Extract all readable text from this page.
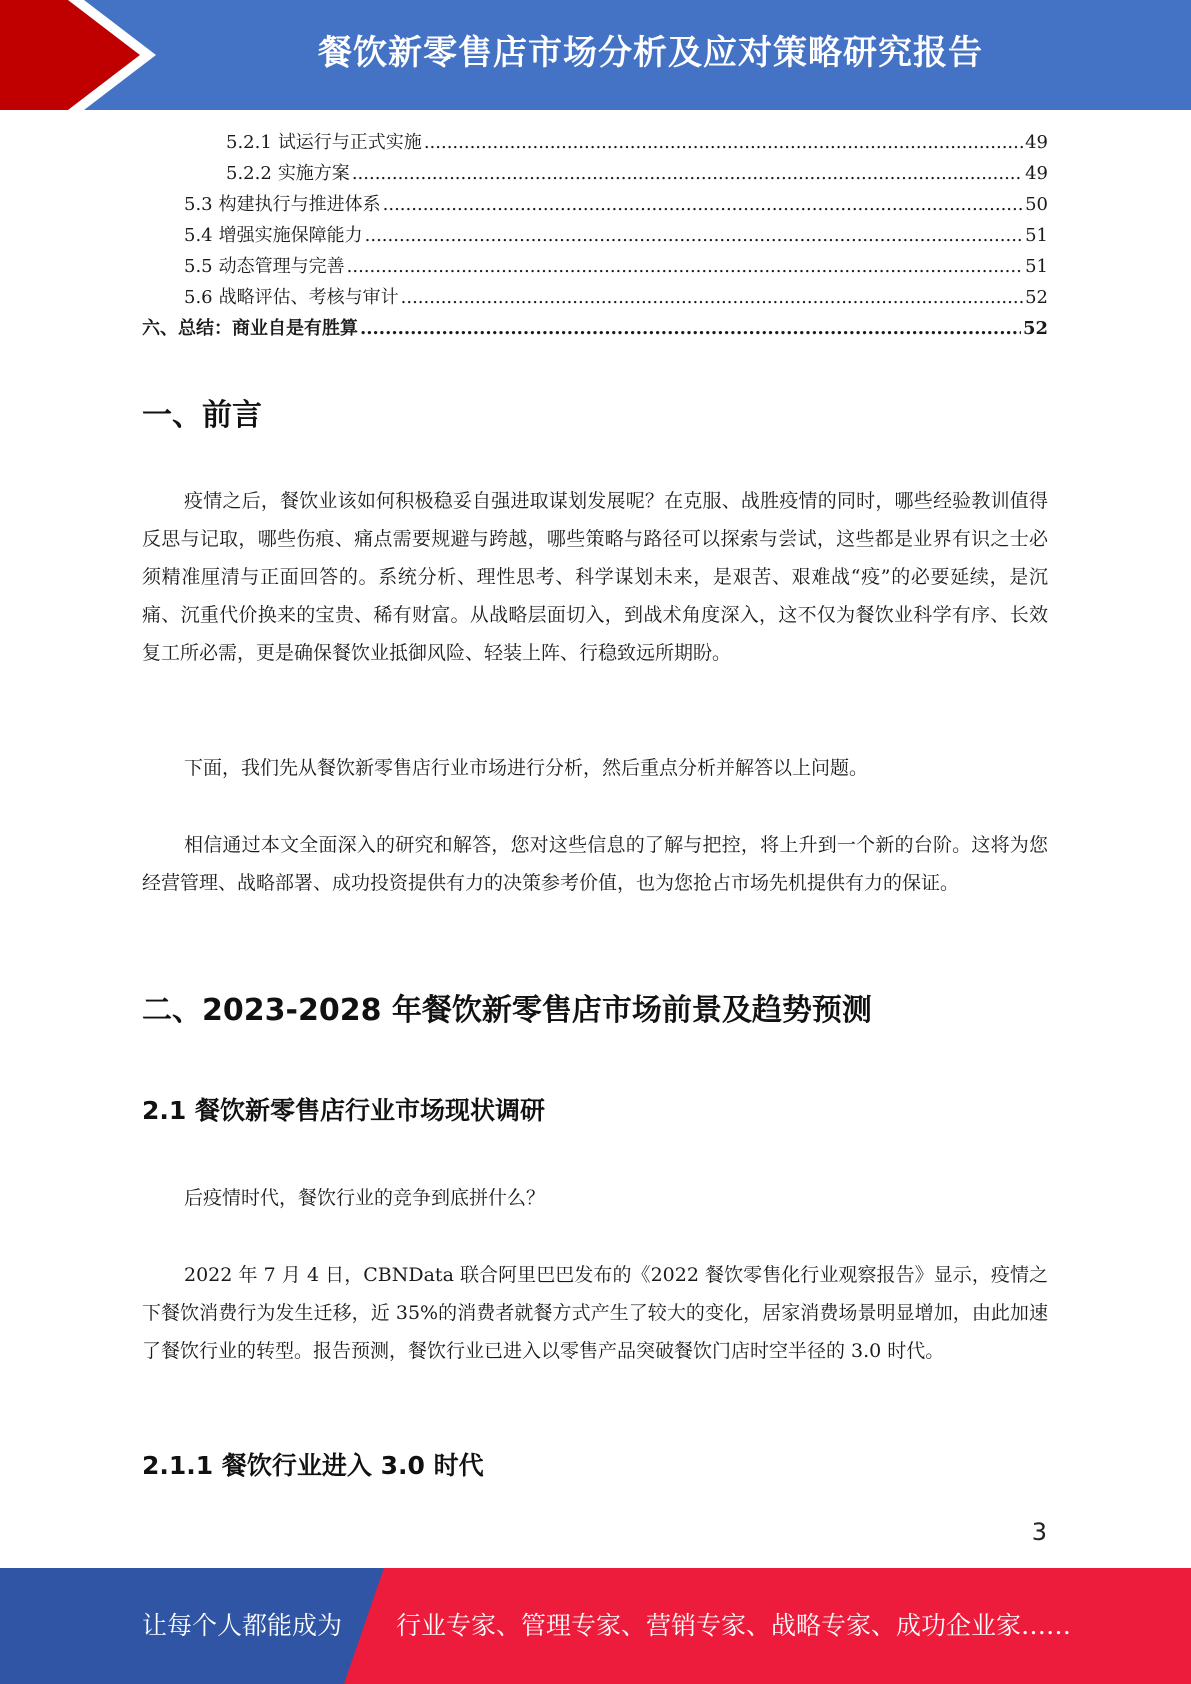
餐饮新零售店市场分析及应对策略研究报告
5.2.1 试运行与正式实施 .....	49
5.2.2 实施方案 .....	49
5.3 构建执行与推进体系 .....	50
5.4 增强实施保障能力 .....	51
5.5 动态管理与完善 .....	51
5.6 战略评估、考核与审计 .....	52
六、 总结：商业自是有胜算 .....	52
一、前言

疫情之后，餐饮业该如何积极稳妥自强进取谋划发展呢？在克服、战胜疫情的同时，哪些经验教训值得反思与记取，哪些伤痕、痛点需要规避与跨越，哪些策略与路径可以探索与尝试，这些都是业界有识之士必须精准厘清与正面回答的。系统分析、理性思考、科学谋划未来，是艰苦、艰难战“疫”的必要延续，是沉痛、沉重代价换来的宝贵、稀有财富。从战略层面切入，到战术角度深入，这不仅为餐饮业科学有序、长效复工所必需，更是确保餐饮业抵御风险、轻装上阵、行稳致远所期盼。

下面，我们先从餐饮新零售店行业市场进行分析，然后重点分析并解答以上问题。

相信通过本文全面深入的研究和解答，您对这些信息的了解与把控，将上升到一个新的台阶。这将为您经营管理、战略部署、成功投资提供有力的决策参考价值，也为您抢占市场先机提供有力的保证。

二、2023-2028 年餐饮新零售店市场前景及趋势预测
2.1 餐饮新零售店行业市场现状调研

后疫情时代，餐饮行业的竞争到底拼什么？

2022 年 7 月 4 日，CBNData 联合阿里巴巴发布的《2022 餐饮零售化行业观察报告》显示，疫情之下餐饮消费行为发生迁移，近 35%的消费者就餐方式产生了较大的变化，居家消费场景明显增加，由此加速了餐饮行业的转型。报告预测，餐饮行业已进入以零售产品突破餐饮门店时空半径的 3.0 时代。

2.1.1 餐饮行业进入 3.0 时代
3
让每个人都能成为 行业专家、管理专家、营销专家、战略专家、成功企业家……
